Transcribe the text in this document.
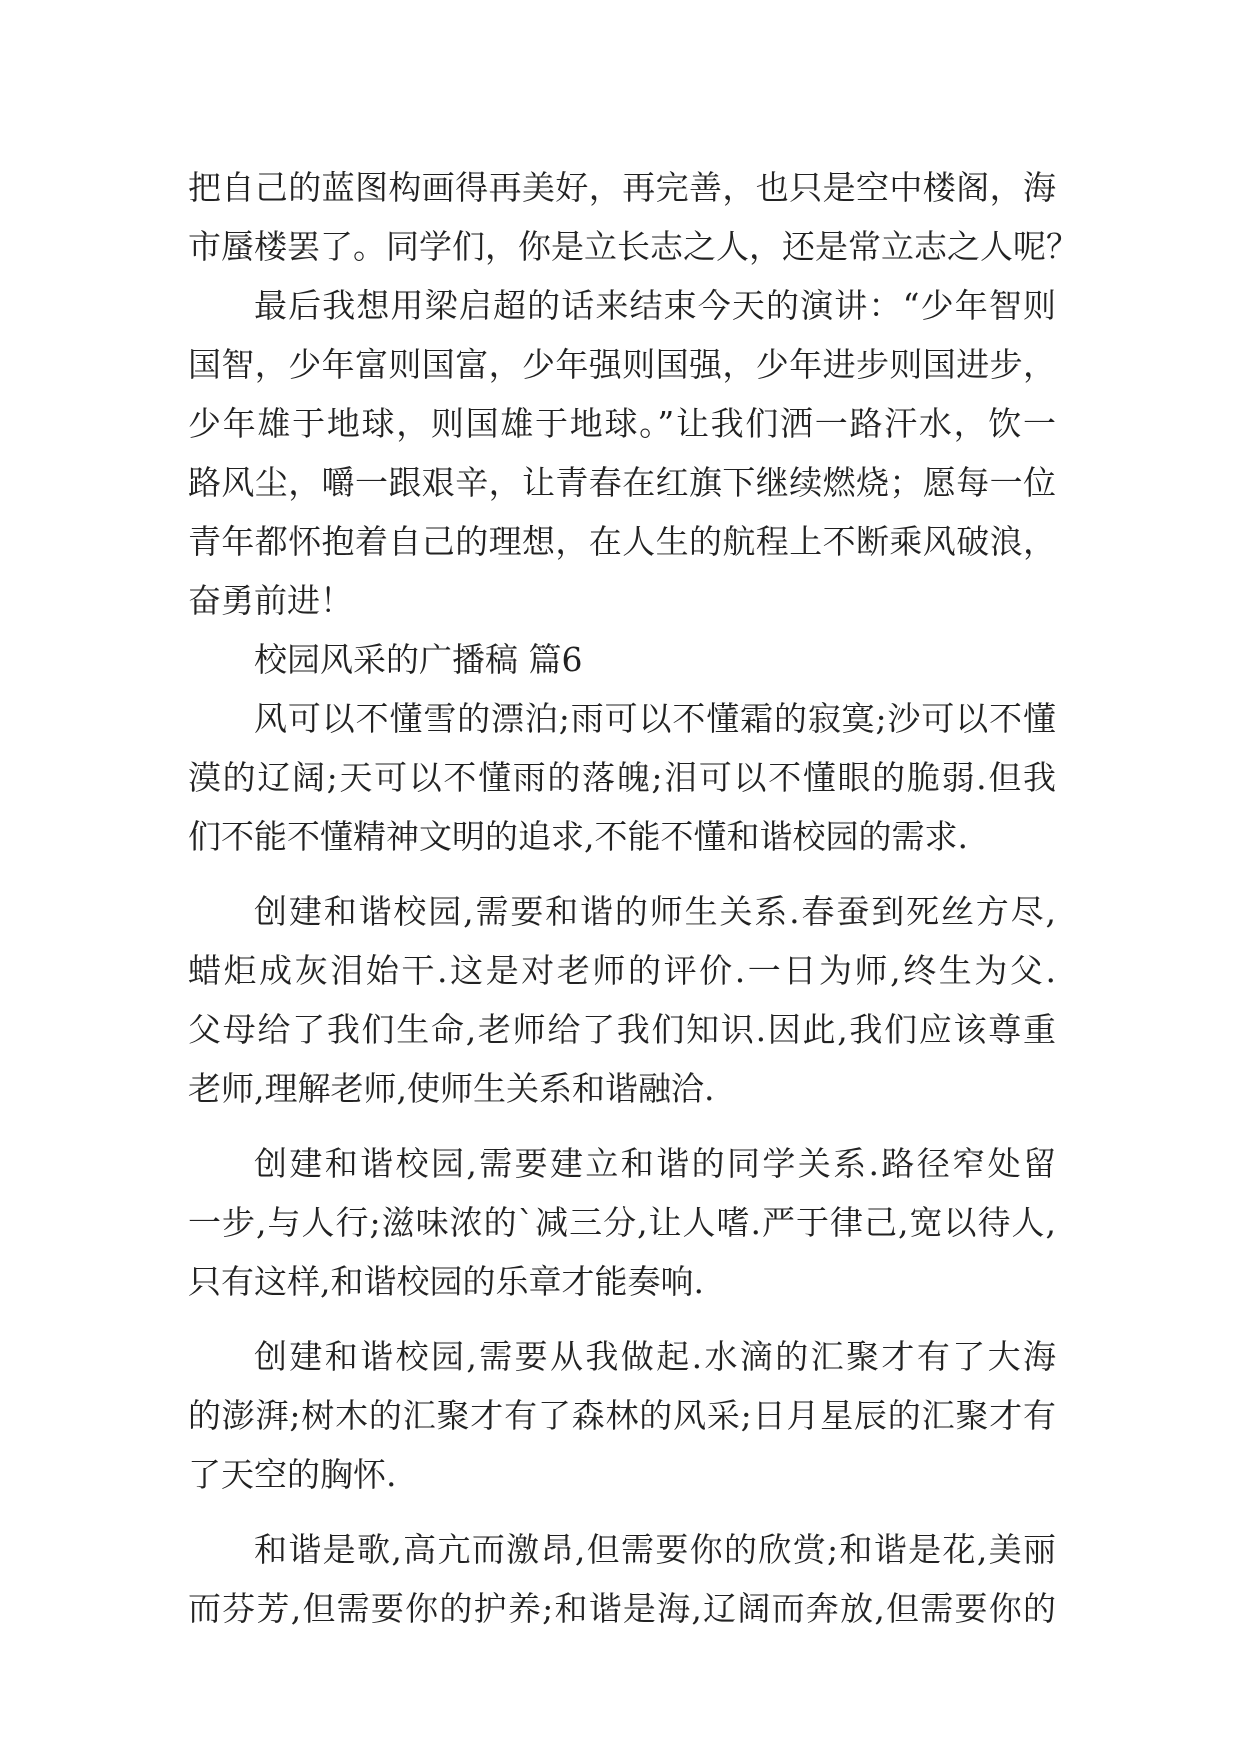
把自己的蓝图构画得再美好，再完善，也只是空中楼阁，海
市蜃楼罢了。同学们，你是立长志之人，还是常立志之人呢？
最后我想用梁启超的话来结束今天的演讲：“少年智则
国智，少年富则国富，少年强则国强，少年进步则国进步，
少年雄于地球，则国雄于地球。”让我们洒一路汗水，饮一
路风尘，嚼一跟艰辛，让青春在红旗下继续燃烧；愿每一位
青年都怀抱着自己的理想，在人生的航程上不断乘风破浪，
奋勇前进！
校园风采的广播稿 篇6
风可以不懂雪的漂泊;雨可以不懂霜的寂寞;沙可以不懂
漠的辽阔;天可以不懂雨的落魄;泪可以不懂眼的脆弱.但我
们不能不懂精神文明的追求,不能不懂和谐校园的需求.
创建和谐校园,需要和谐的师生关系.春蚕到死丝方尽,
蜡炬成灰泪始干.这是对老师的评价.一日为师,终生为父.
父母给了我们生命,老师给了我们知识.因此,我们应该尊重
老师,理解老师,使师生关系和谐融洽.
创建和谐校园,需要建立和谐的同学关系.路径窄处留
一步,与人行;滋味浓的`减三分,让人嗜.严于律己,宽以待人,
只有这样,和谐校园的乐章才能奏响.
创建和谐校园,需要从我做起.水滴的汇聚才有了大海
的澎湃;树木的汇聚才有了森林的风采;日月星辰的汇聚才有
了天空的胸怀.
和谐是歌,高亢而激昂,但需要你的欣赏;和谐是花,美丽
而芬芳,但需要你的护养;和谐是海,辽阔而奔放,但需要你的
